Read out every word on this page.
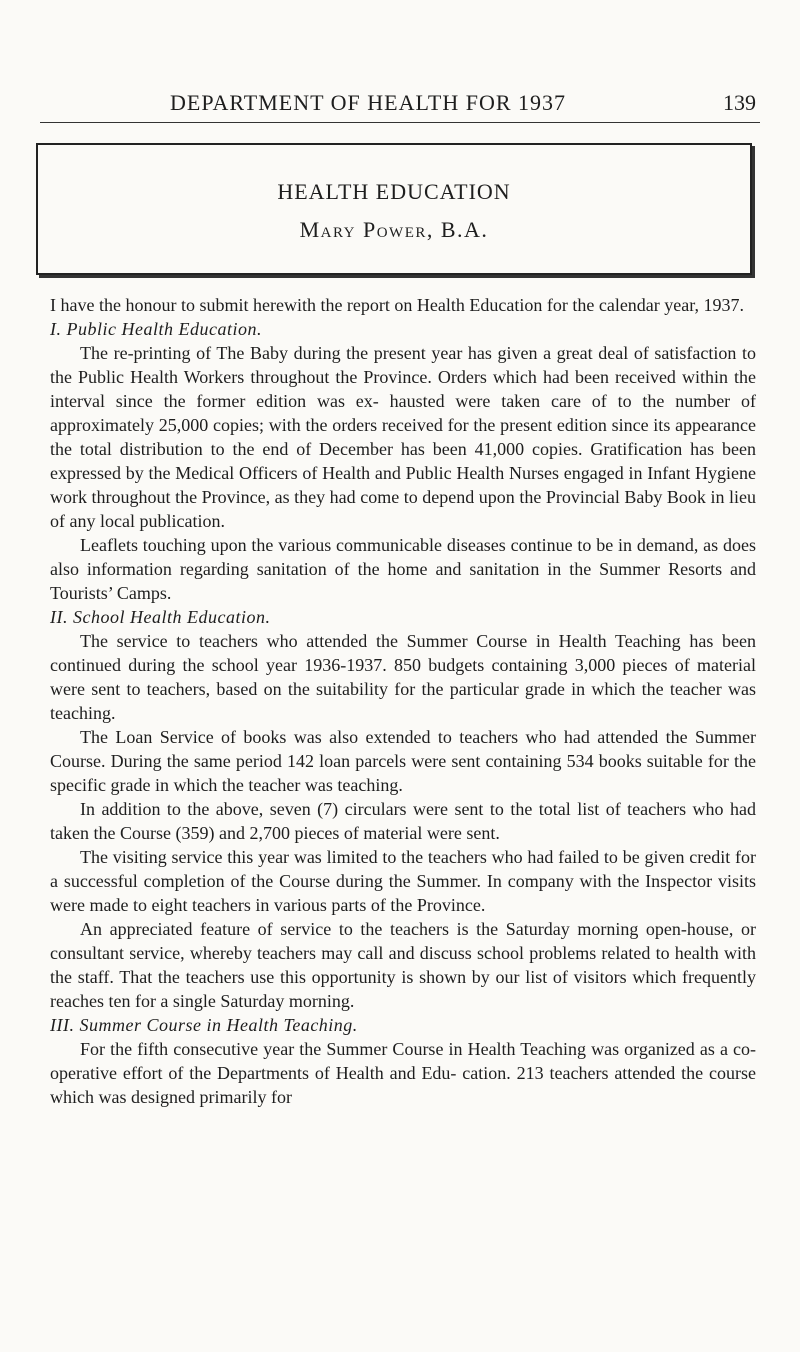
DEPARTMENT OF HEALTH FOR 1937	139
HEALTH EDUCATION
Mary Power, B.A.

I have the honour to submit herewith the report on Health Education for the calendar year, 1937.

I. Public Health Education.

The re-printing of The Baby during the present year has given a great deal of satisfaction to the Public Health Workers throughout the Province. Orders which had been received within the interval since the former edition was ex- hausted were taken care of to the number of approximately 25,000 copies; with the orders received for the present edition since its appearance the total distribution to the end of December has been 41,000 copies. Gratification has been expressed by the Medical Officers of Health and Public Health Nurses engaged in Infant Hygiene work throughout the Province, as they had come to depend upon the Provincial Baby Book in lieu of any local publication.

Leaflets touching upon the various communicable diseases continue to be in demand, as does also information regarding sanitation of the home and sanitation in the Summer Resorts and Tourists’ Camps.

II. School Health Education.

The service to teachers who attended the Summer Course in Health Teaching has been continued during the school year 1936-1937. 850 budgets containing 3,000 pieces of material were sent to teachers, based on the suitability for the particular grade in which the teacher was teaching.

The Loan Service of books was also extended to teachers who had attended the Summer Course. During the same period 142 loan parcels were sent containing 534 books suitable for the specific grade in which the teacher was teaching.

In addition to the above, seven (7) circulars were sent to the total list of teachers who had taken the Course (359) and 2,700 pieces of material were sent.

The visiting service this year was limited to the teachers who had failed to be given credit for a successful completion of the Course during the Summer. In company with the Inspector visits were made to eight teachers in various parts of the Province.

An appreciated feature of service to the teachers is the Saturday morning open-house, or consultant service, whereby teachers may call and discuss school problems related to health with the staff. That the teachers use this opportunity is shown by our list of visitors which frequently reaches ten for a single Saturday morning.

III. Summer Course in Health Teaching.

For the fifth consecutive year the Summer Course in Health Teaching was organized as a co-operative effort of the Departments of Health and Edu- cation. 213 teachers attended the course which was designed primarily for
